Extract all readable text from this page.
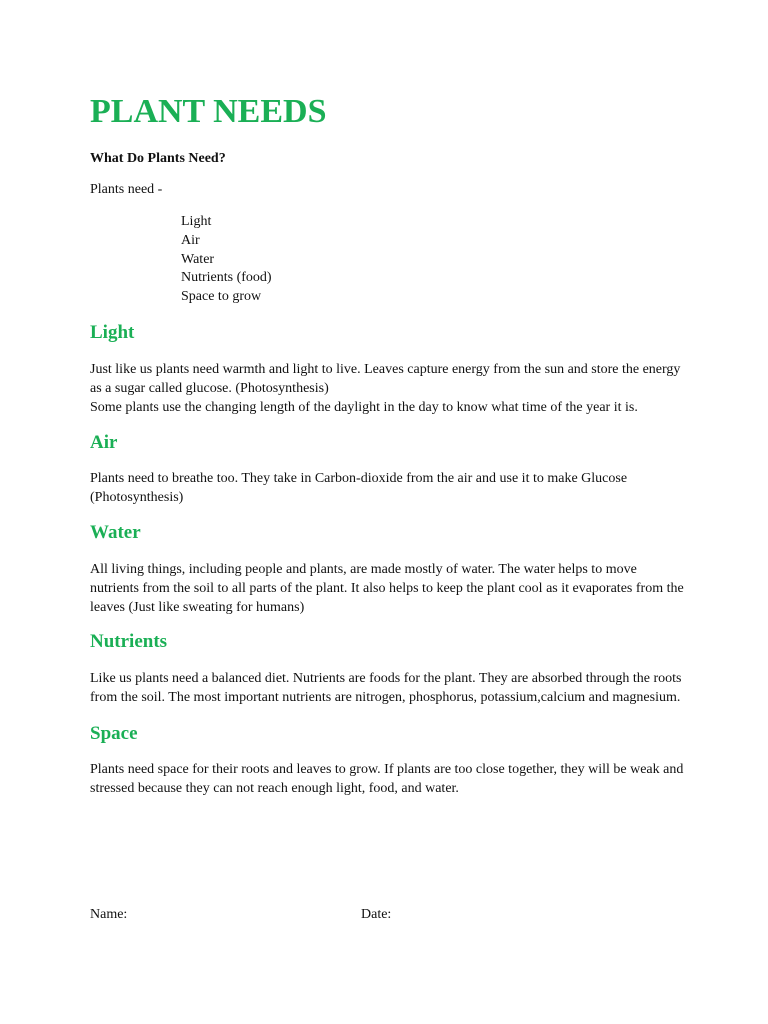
PLANT NEEDS

What Do Plants Need?

Plants need -

Light
Air
Water
Nutrients (food)
Space to grow
Light

Just like us plants need warmth and light to live. Leaves capture energy from the sun and store the energy
as a sugar called glucose. (Photosynthesis)
Some plants use the changing length of the daylight in the day to know what time of the year it is.

Air

Plants need to breathe too. They take in Carbon-dioxide from the air and use it to make Glucose
(Photosynthesis)

Water

All living things, including people and plants, are made mostly of water. The water helps to move
nutrients from the soil to all parts of the plant. It also helps to keep the plant cool as it evaporates from the
leaves (Just like sweating for humans)

Nutrients

Like us plants need a balanced diet. Nutrients are foods for the plant. They are absorbed through the roots
from the soil. The most important nutrients are nitrogen, phosphorus, potassium,calcium and magnesium.

Space

Plants need space for their roots and leaves to grow. If plants are too close together, they will be weak and
stressed because they can not reach enough light, food, and water.

Name:	Date:
